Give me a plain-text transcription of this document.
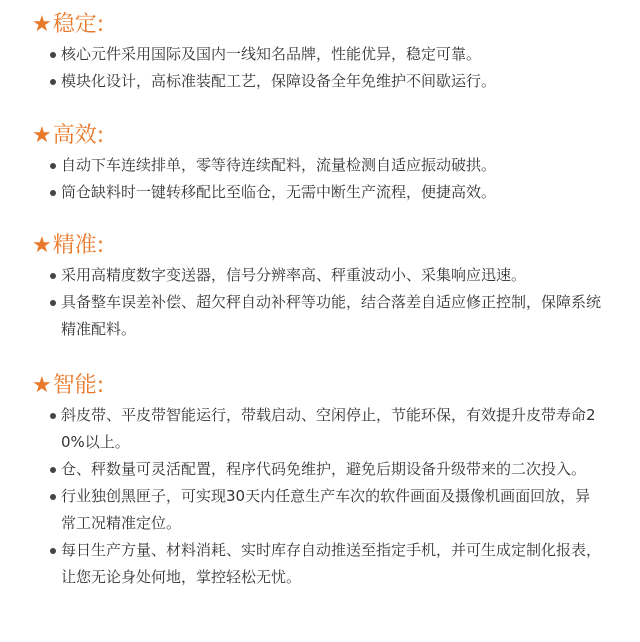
★ 稳定:
核心元件采用国际及国内一线知名品牌，性能优异，稳定可靠。
模块化设计，高标准装配工艺，保障设备全年免维护不间歇运行。
★ 高效:
自动下车连续排单，零等待连续配料，流量检测自适应振动破拱。
筒仓缺料时一键转移配比至临仓，无需中断生产流程，便捷高效。
★ 精准:
采用高精度数字变送器，信号分辨率高、秤重波动小、采集响应迅速。
具备整车误差补偿、超欠秤自动补秤等功能，结合落差自适应修正控制，保障系统精准配料。
★ 智能:
斜皮带、平皮带智能运行，带载启动、空闲停止，节能环保，有效提升皮带寿命20%以上。
仓、秤数量可灵活配置，程序代码免维护，避免后期设备升级带来的二次投入。
行业独创黑匣子，可实现30天内任意生产车次的软件画面及摄像机画面回放，异常工况精准定位。
每日生产方量、材料消耗、实时库存自动推送至指定手机，并可生成定制化报表，让您无论身处何地，掌控轻松无忧。
